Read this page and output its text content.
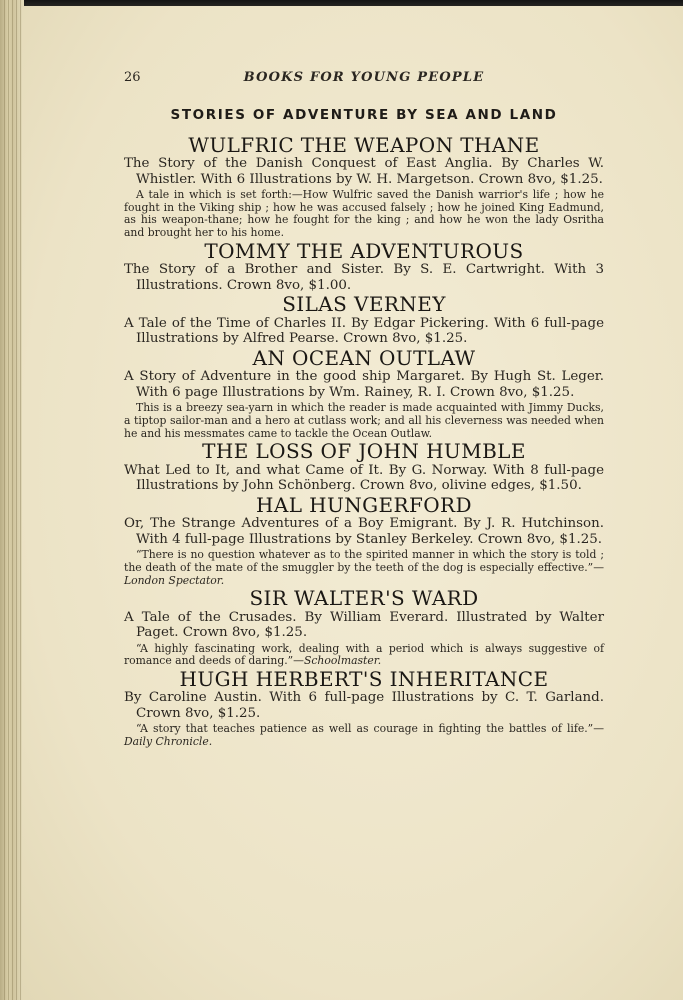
26	BOOKS FOR YOUNG PEOPLE
STORIES OF ADVENTURE BY SEA AND LAND
WULFRIC THE WEAPON THANE

The Story of the Danish Conquest of East Anglia. By Charles W. Whistler. With 6 Illustrations by W. H. Margetson. Crown 8vo, $1.25.

A tale in which is set forth:—How Wulfric saved the Danish warrior's life ; how he fought in the Viking ship ; how he was accused falsely ; how he joined King Eadmund, as his weapon-thane; how he fought for the king ; and how he won the lady Osritha and brought her to his home.

TOMMY THE ADVENTUROUS

The Story of a Brother and Sister. By S. E. Cartwright. With 3 Illustrations. Crown 8vo, $1.00.

SILAS VERNEY

A Tale of the Time of Charles II. By Edgar Pickering. With 6 full-page Illustrations by Alfred Pearse. Crown 8vo, $1.25.

AN OCEAN OUTLAW

A Story of Adventure in the good ship Margaret. By Hugh St. Leger. With 6 page Illustrations by Wm. Rainey, R. I. Crown 8vo, $1.25.

This is a breezy sea-yarn in which the reader is made acquainted with Jimmy Ducks, a tiptop sailor-man and a hero at cutlass work; and all his cleverness was needed when he and his messmates came to tackle the Ocean Outlaw.

THE LOSS OF JOHN HUMBLE

What Led to It, and what Came of It. By G. Norway. With 8 full-page Illustrations by John Schönberg. Crown 8vo, olivine edges, $1.50.

HAL HUNGERFORD

Or, The Strange Adventures of a Boy Emigrant. By J. R. Hutchinson. With 4 full-page Illustrations by Stanley Berkeley. Crown 8vo, $1.25.

“There is no question whatever as to the spirited manner in which the story is told ; the death of the mate of the smuggler by the teeth of the dog is especially effective.”—London Spectator.

SIR WALTER'S WARD

A Tale of the Crusades. By William Everard. Illustrated by Walter Paget. Crown 8vo, $1.25.

“A highly fascinating work, dealing with a period which is always suggestive of romance and deeds of daring.”—Schoolmaster.

HUGH HERBERT'S INHERITANCE

By Caroline Austin. With 6 full-page Illustrations by C. T. Garland. Crown 8vo, $1.25.

“A story that teaches patience as well as courage in fighting the battles of life.”—Daily Chronicle.
